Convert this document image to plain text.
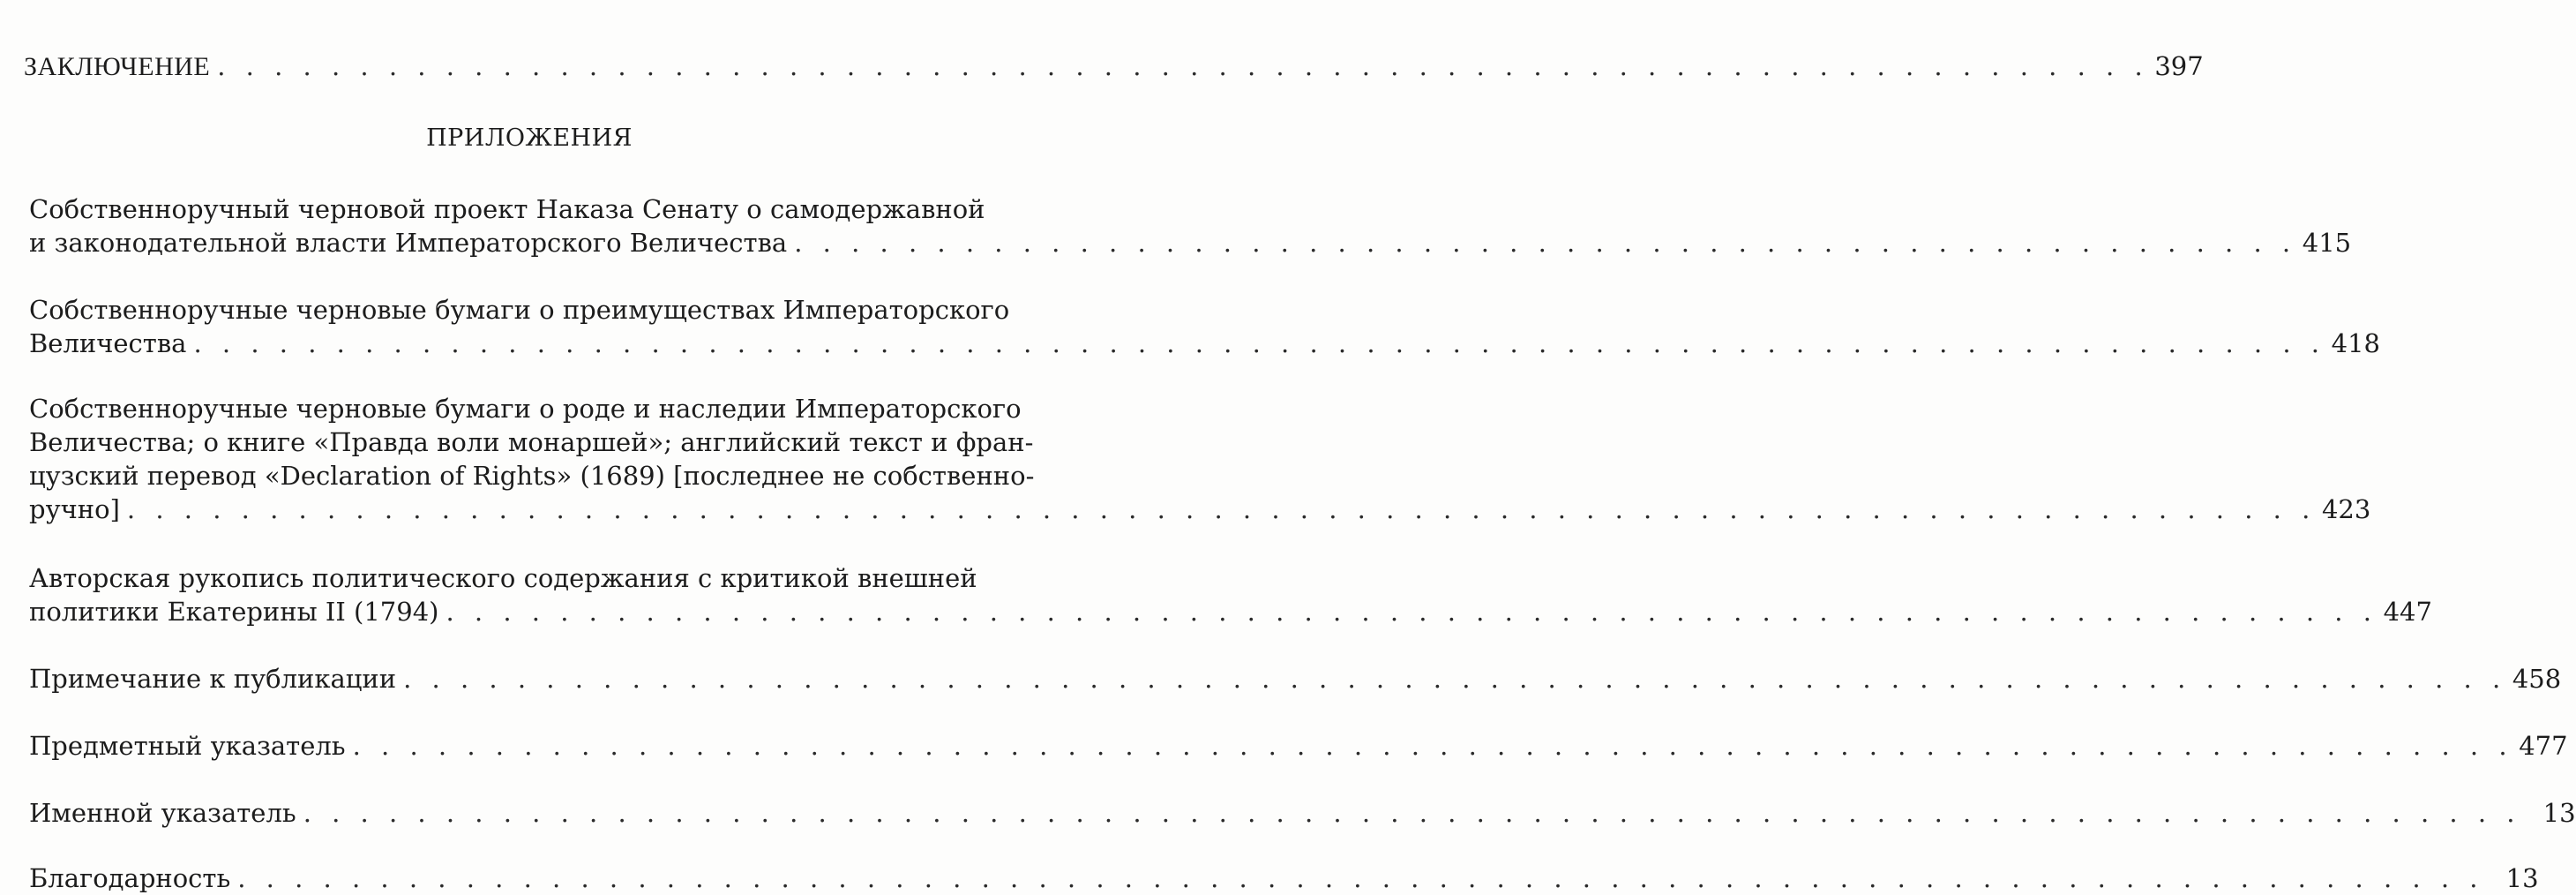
ЗАКЛЮЧЕНИЕ . . . . . . . . . . . . . . . . . . . . . . . . . . . . . . . . . . . . . . . . . . . . . . . . . . . . . . . . . . . . . . . . . . . . 397
ПРИЛОЖЕНИЯ
Собственноручный черновой проект Наказа Сенату о самодержавной
и законодательной власти Императорского Величества . . . . . . . . . . . . . . . . . . . . . . . . . . . . . . . . . . . . . . . . . . . . . . . . . . . . . 415
Собственноручные черновые бумаги о преимуществах Императорского
Величества . . . . . . . . . . . . . . . . . . . . . . . . . . . . . . . . . . . . . . . . . . . . . . . . . . . . . . . . . . . . . . . . . . . . . . . . . . . 418
Собственноручные черновые бумаги о роде и наследии Императорского
Величества; о книге «Правда воли монаршей»; английский текст и фран-
цузский перевод «Declaration of Rights» (1689) [последнее не собственно-
ручно] . . . . . . . . . . . . . . . . . . . . . . . . . . . . . . . . . . . . . . . . . . . . . . . . . . . . . . . . . . . . . . . . . . . . . . . . . . . . . 423
Авторская рукопись политического содержания с критикой внешней
политики Екатерины II (1794) . . . . . . . . . . . . . . . . . . . . . . . . . . . . . . . . . . . . . . . . . . . . . . . . . . . . . . . . . . . . . . . . . . . . 447
Примечание к публикации . . . . . . . . . . . . . . . . . . . . . . . . . . . . . . . . . . . . . . . . . . . . . . . . . . . . . . . . . . . . . . . . . . . . . . . . . . 458
Предметный указатель . . . . . . . . . . . . . . . . . . . . . . . . . . . . . . . . . . . . . . . . . . . . . . . . . . . . . . . . . . . . . . . . . . . . . . . . . . . . 477
Именной указатель . . . . . . . . . . . . . . . . . . . . . . . . . . . . . . . . . . . . . . . . . . . . . . . . . . . . . . . . . . . . . . . . . . . . . . . . . . . . . . 13
Благодарность . . . . . . . . . . . . . . . . . . . . . . . . . . . . . . . . . . . . . . . . . . . . . . . . . . . . . . . . . . . . . . . . . . . . . . . . . . . . . . . 13
